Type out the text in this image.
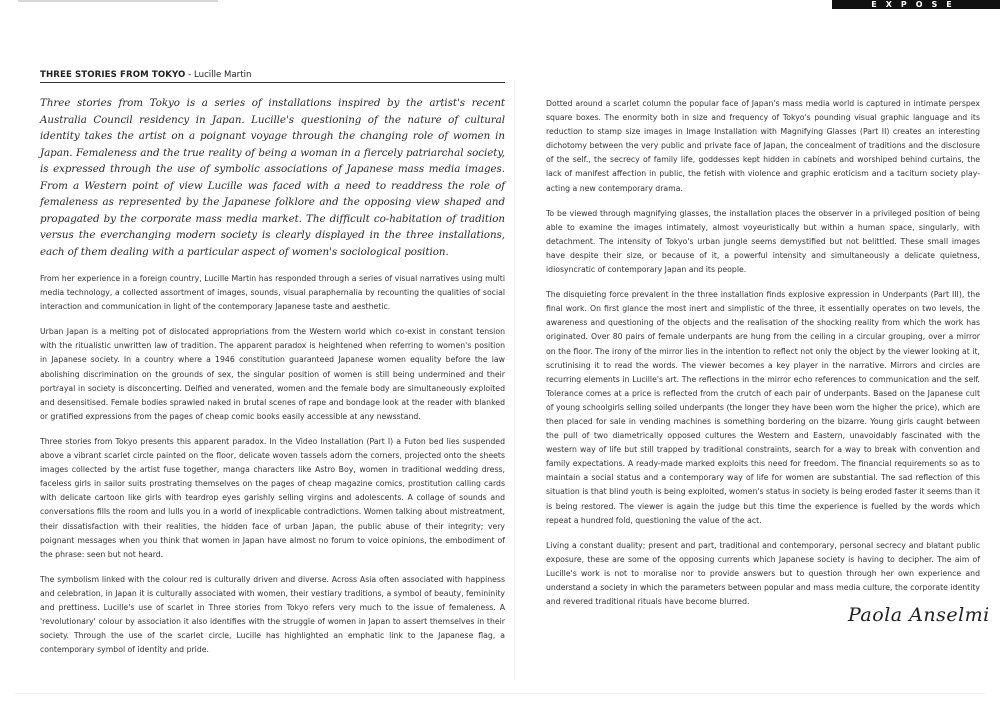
EXPOSE
THREE STORIES FROM TOKYO - Lucille Martin
Three stories from Tokyo is a series of installations inspired by the artist's recent Australia Council residency in Japan. Lucille's questioning of the nature of cultural identity takes the artist on a poignant voyage through the changing role of women in Japan. Femaleness and the true reality of being a woman in a fiercely patriarchal society, is expressed through the use of symbolic associations of Japanese mass media images. From a Western point of view Lucille was faced with a need to readdress the role of femaleness as represented by the Japanese folklore and the opposing view shaped and propagated by the corporate mass media market. The difficult co-habitation of tradition versus the everchanging modern society is clearly displayed in the three installations, each of them dealing with a particular aspect of women's sociological position.

From her experience in a foreign country, Lucille Martin has responded through a series of visual narratives using multi media technology, a collected assortment of images, sounds, visual paraphernalia by recounting the qualities of social interaction and communication in light of the contemporary Japanese taste and aesthetic.

Urban Japan is a melting pot of dislocated appropriations from the Western world which co-exist in constant tension with the ritualistic unwritten law of tradition. The apparent paradox is heightened when referring to women's position in Japanese society. In a country where a 1946 constitution guaranteed Japanese women equality before the law abolishing discrimination on the grounds of sex, the singular position of women is still being undermined and their portrayal in society is disconcerting. Deified and venerated, women and the female body are simultaneously exploited and desensitised. Female bodies sprawled naked in brutal scenes of rape and bondage look at the reader with blanked or gratified expressions from the pages of cheap comic books easily accessible at any newsstand.

Three stories from Tokyo presents this apparent paradox. In the Video Installation (Part I) a Futon bed lies suspended above a vibrant scarlet circle painted on the floor, delicate woven tassels adorn the corners, projected onto the sheets images collected by the artist fuse together, manga characters like Astro Boy, women in traditional wedding dress, faceless girls in sailor suits prostrating themselves on the pages of cheap magazine comics, prostitution calling cards with delicate cartoon like girls with teardrop eyes garishly selling virgins and adolescents. A collage of sounds and conversations fills the room and lulls you in a world of inexplicable contradictions. Women talking about mistreatment, their dissatisfaction with their realities, the hidden face of urban Japan, the public abuse of their integrity; very poignant messages when you think that women in Japan have almost no forum to voice opinions, the embodiment of the phrase: seen but not heard.

The symbolism linked with the colour red is culturally driven and diverse. Across Asia often associated with happiness and celebration, in Japan it is culturally associated with women, their vestiary traditions, a symbol of beauty, femininity and prettiness. Lucille's use of scarlet in Three stories from Tokyo refers very much to the issue of femaleness. A 'revolutionary' colour by association it also identifies with the struggle of women in Japan to assert themselves in their society. Through the use of the scarlet circle, Lucille has highlighted an emphatic link to the Japanese flag, a contemporary symbol of identity and pride.

Dotted around a scarlet column the popular face of Japan's mass media world is captured in intimate perspex square boxes. The enormity both in size and frequency of Tokyo's pounding visual graphic language and its reduction to stamp size images in Image Installation with Magnifying Glasses (Part II) creates an interesting dichotomy between the very public and private face of Japan, the concealment of traditions and the disclosure of the self., the secrecy of family life, goddesses kept hidden in cabinets and worshiped behind curtains, the lack of manifest affection in public, the fetish with violence and graphic eroticism and a taciturn society play-acting a new contemporary drama.

To be viewed through magnifying glasses, the installation places the observer in a privileged position of being able to examine the images intimately, almost voyeuristically but within a human space, singularly, with detachment. The intensity of Tokyo's urban jungle seems demystified but not belittled. These small images have despite their size, or because of it, a powerful intensity and simultaneously a delicate quietness, idiosyncratic of contemporary Japan and its people.

The disquieting force prevalent in the three installation finds explosive expression in Underpants (Part III), the final work. On first glance the most inert and simplistic of the three, it essentially operates on two levels, the awareness and questioning of the objects and the realisation of the shocking reality from which the work has originated. Over 80 pairs of female underpants are hung from the ceiling in a circular grouping, over a mirror on the floor. The irony of the mirror lies in the intention to reflect not only the object by the viewer looking at it, scrutinising it to read the words. The viewer becomes a key player in the narrative. Mirrors and circles are recurring elements in Lucille's art. The reflections in the mirror echo references to communication and the self. Tolerance comes at a price is reflected from the crutch of each pair of underpants. Based on the Japanese cult of young schoolgirls selling soiled underpants (the longer they have been worn the higher the price), which are then placed for sale in vending machines is something bordering on the bizarre. Young girls caught between the pull of two diametrically opposed cultures the Western and Eastern, unavoidably fascinated with the western way of life but still trapped by traditional constraints, search for a way to break with convention and family expectations. A ready-made marked exploits this need for freedom. The financial requirements so as to maintain a social status and a contemporary way of life for women are substantial. The sad reflection of this situation is that blind youth is being exploited, women's status in society is being eroded faster it seems than it is being restored. The viewer is again the judge but this time the experience is fuelled by the words which repeat a hundred fold, questioning the value of the act.

Living a constant duality; present and part, traditional and contemporary, personal secrecy and blatant public exposure, these are some of the opposing currents which Japanese society is having to decipher. The aim of Lucille's work is not to moralise nor to provide answers but to question through her own experience and understand a society in which the parameters between popular and mass media culture, the corporate identity and revered traditional rituals have become blurred.

Paola Anselmi
